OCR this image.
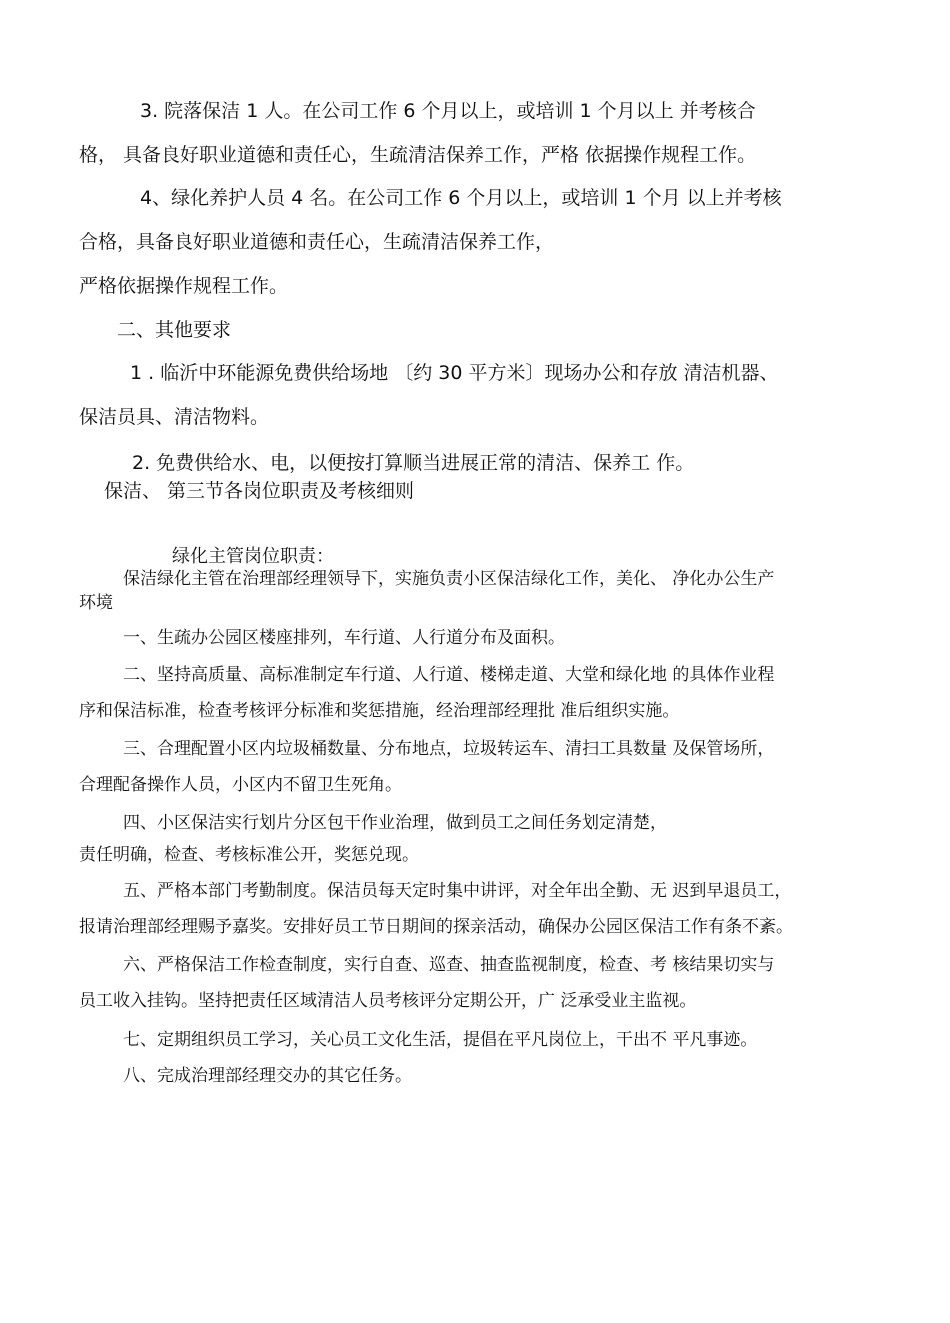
3. 院落保洁 1 人。在公司工作 6 个月以上，或培训 1 个月以上 并考核合
格， 具备良好职业道德和责任心，生疏清洁保养工作，严格 依据操作规程工作。
4、绿化养护人员 4 名。在公司工作 6 个月以上，或培训 1 个月 以上并考核
合格，具备良好职业道德和责任心，生疏清洁保养工作，
严格依据操作规程工作。
二、其他要求
1 . 临沂中环能源免费供给场地 〔约 30 平方米〕现场办公和存放 清洁机器、
保洁员具、清洁物料。
2. 免费供给水、电，以便按打算顺当进展正常的清洁、保养工 作。
保洁、 第三节各岗位职责及考核细则
绿化主管岗位职责：
保洁绿化主管在治理部经理领导下，实施负责小区保洁绿化工作，美化、 净化办公生产
环境
一、生疏办公园区楼座排列，车行道、人行道分布及面积。
二、坚持高质量、高标准制定车行道、人行道、楼梯走道、大堂和绿化地 的具体作业程
序和保洁标准，检查考核评分标准和奖惩措施，经治理部经理批 准后组织实施。
三、合理配置小区内垃圾桶数量、分布地点，垃圾转运车、清扫工具数量 及保管场所，
合理配备操作人员，小区内不留卫生死角。
四、小区保洁实行划片分区包干作业治理，做到员工之间任务划定清楚，
责任明确，检查、考核标准公开，奖惩兑现。
五、严格本部门考勤制度。保洁员每天定时集中讲评，对全年出全勤、无 迟到早退员工，
报请治理部经理赐予嘉奖。安排好员工节日期间的探亲活动，确保办公园区保洁工作有条不紊。
六、严格保洁工作检查制度，实行自查、巡查、抽查监视制度，检查、考 核结果切实与
员工收入挂钩。坚持把责任区域清洁人员考核评分定期公开，广 泛承受业主监视。
七、定期组织员工学习，关心员工文化生活，提倡在平凡岗位上，干出不 平凡事迹。
八、完成治理部经理交办的其它任务。
